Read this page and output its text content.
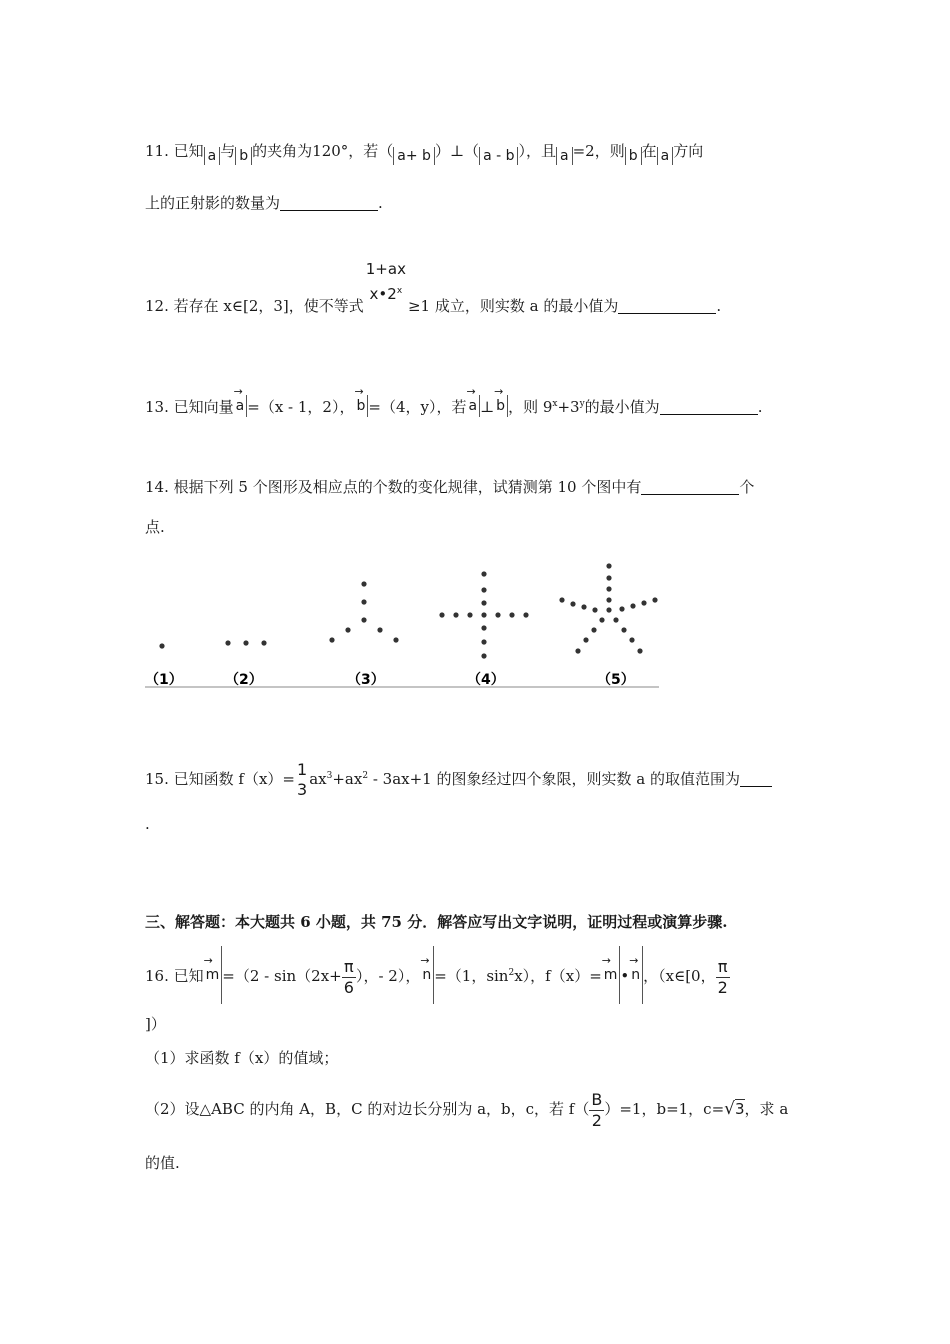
11. 已知 a 与 b 的夹角为120°，若（ a+ b ）⊥（ a - b ），且 a =2，则 b 在 a 方向
上的正射影的数量为	.
12. 若存在 x∈[2，3]，使不等式
1+ax
$x•2^x$
≥1 成立，则实数 a 的最小值为	.
13. 已知向量 → a =（x - 1，2）， → b =（4，y），若 → a ⊥ → b ，则 $9^x+3^y$的最小值为	.
14. 根据下列 5 个图形及相应点的个数的变化规律，试猜测第 10 个图中有	个
点.
（1）	（2）	（3）	（4）	（5）
15. 已知函数 f（x）= 1
3
$ax^3+ax^2 - 3ax+1$ 的图象经过四个象限，则实数 a 的取值范围为
.
三、解答题：本大题共 6 小题，共 75 分．解答应写出文字说明，证明过程或演算步骤.
16. 已知 → $m =(2 - \sin(2x+ \frac{\pi}{6}$ ），- 2）， → n =（1，$\sin^2x$），f（x）= → m • → n ，（x∈[0， $\frac{\pi}{2}$
]）
（1）求函数 f（x）的值域；
（2）设△ABC 的内角 A，B，C 的对边长分别为 a，b，c，若 $f( \frac{B}{2} )=1$，b=1，c=√3，求 a
的值.
